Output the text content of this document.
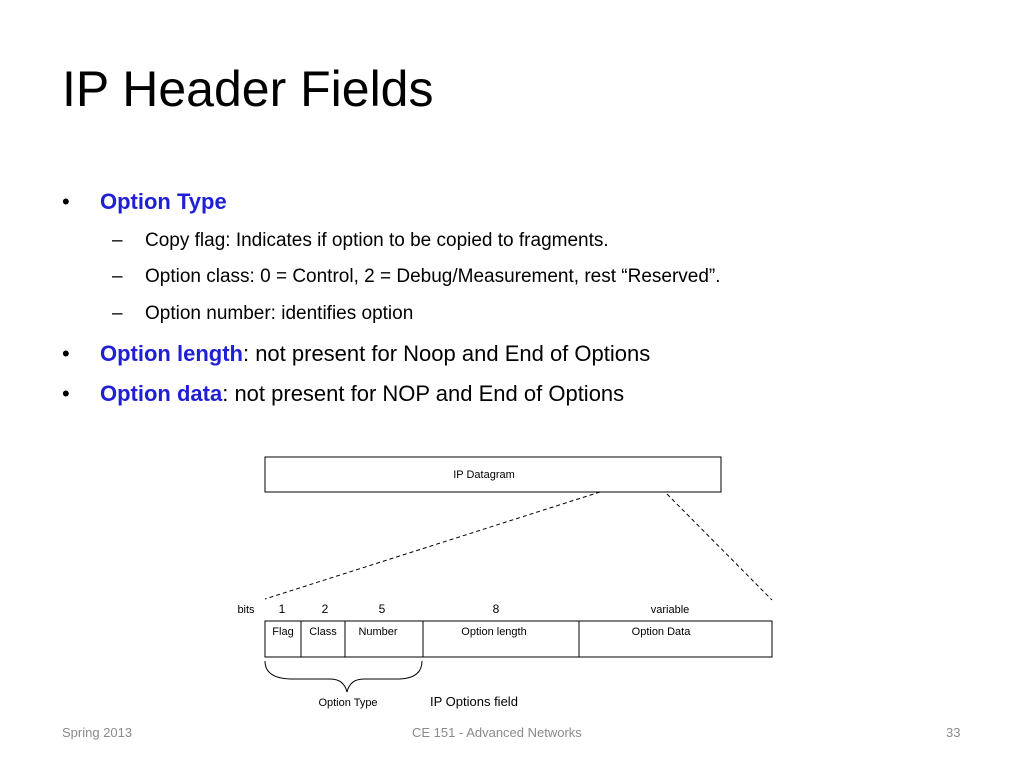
IP Header Fields
• Option Type
– Copy flag: Indicates if option to be copied to fragments.
– Option class: 0 = Control, 2 = Debug/Measurement, rest “Reserved”.
– Option number: identifies option
• Option length: not present for Noop and End of Options
• Option data: not present for NOP and End of Options
IP Datagram
bits 1	2	5	8	variable
Flag Class Number	Option length	Option Data
Option Type	IP Options field
Spring 2013	CE 151 - Advanced Networks	33
